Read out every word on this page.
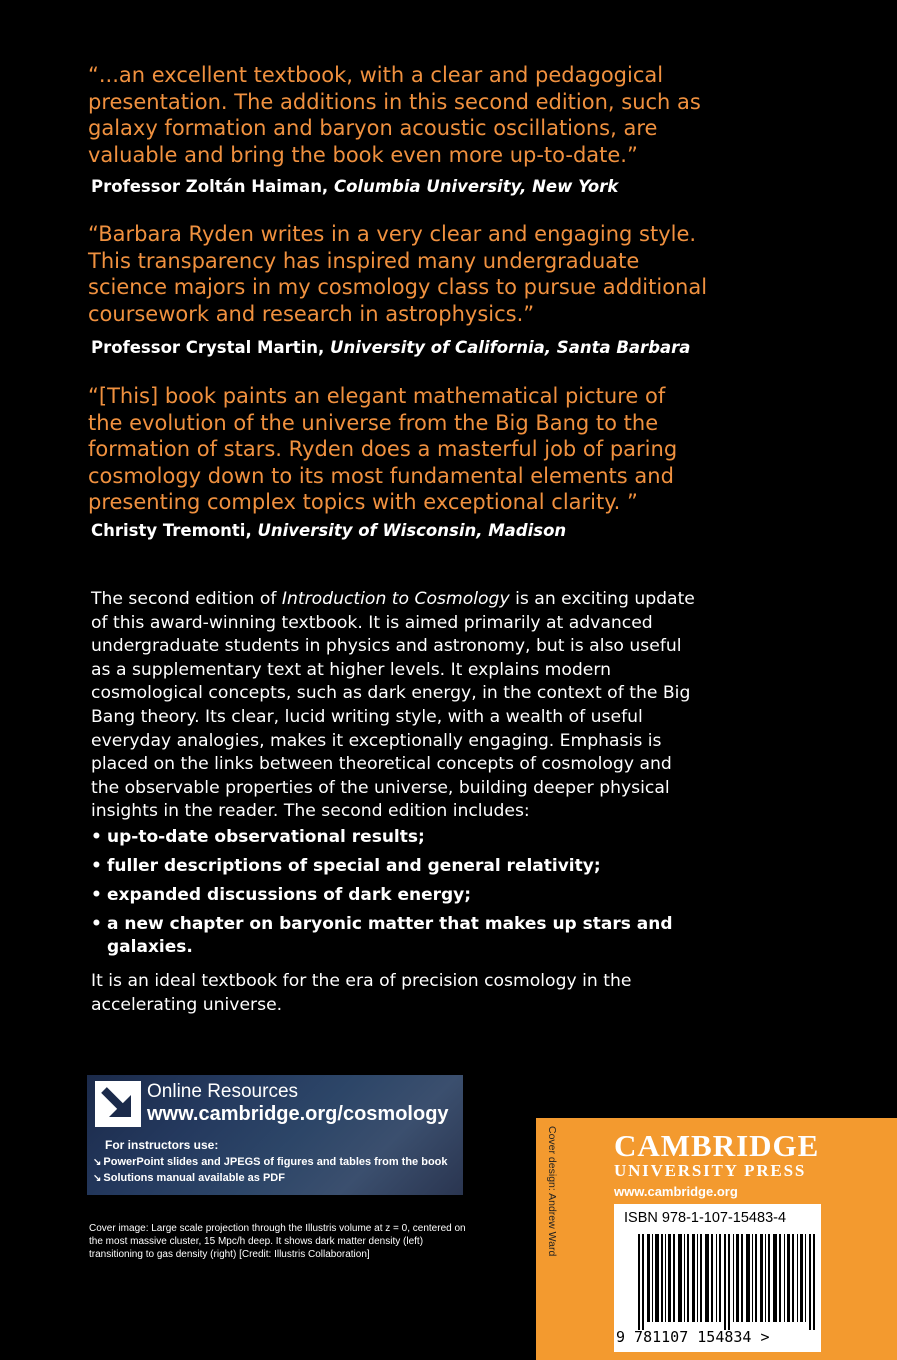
“...an excellent textbook, with a clear and pedagogical presentation. The additions in this second edition, such as galaxy formation and baryon acoustic oscillations, are valuable and bring the book even more up-to-date.”
Professor Zoltán Haiman, Columbia University, New York
“Barbara Ryden writes in a very clear and engaging style. This transparency has inspired many undergraduate science majors in my cosmology class to pursue additional coursework and research in astrophysics.”
Professor Crystal Martin, University of California, Santa Barbara
“[This] book paints an elegant mathematical picture of the evolution of the universe from the Big Bang to the formation of stars. Ryden does a masterful job of paring cosmology down to its most fundamental elements and presenting complex topics with exceptional clarity. ”
Christy Tremonti, University of Wisconsin, Madison
The second edition of Introduction to Cosmology is an exciting update of this award-winning textbook. It is aimed primarily at advanced undergraduate students in physics and astronomy, but is also useful as a supplementary text at higher levels. It explains modern cosmological concepts, such as dark energy, in the context of the Big Bang theory. Its clear, lucid writing style, with a wealth of useful everyday analogies, makes it exceptionally engaging. Emphasis is placed on the links between theoretical concepts of cosmology and the observable properties of the universe, building deeper physical insights in the reader. The second edition includes:
• up-to-date observational results;
• fuller descriptions of special and general relativity;
• expanded discussions of dark energy;
• a new chapter on baryonic matter that makes up stars and galaxies.
It is an ideal textbook for the era of precision cosmology in the accelerating universe.
Online Resources
www.cambridge.org/cosmology
For instructors use:
↘ PowerPoint slides and JPEGS of figures and tables from the book
↘ Solutions manual available as PDF
Cover image: Large scale projection through the Illustris volume at z = 0, centered on the most massive cluster, 15 Mpc/h deep. It shows dark matter density (left) transitioning to gas density (right) [Credit: Illustris Collaboration]	Cover design: Andrew Ward CAMBRIDGE
UNIVERSITY PRESS
www.cambridge.org
ISBN 978-1-107-15483-4
9 781107 154834 >
